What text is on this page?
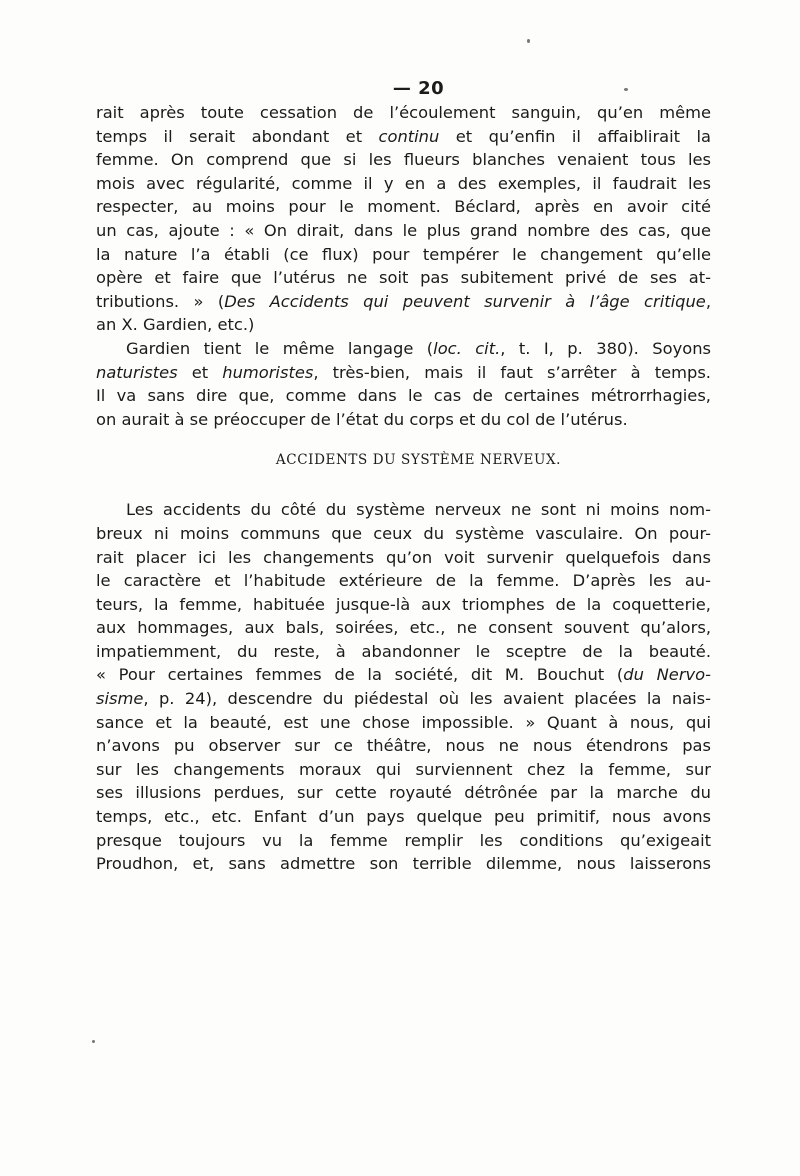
— 20
rait après toute cessation de l’écoulement sanguin, qu’en même
temps il serait abondant et continu et qu’enfin il affaiblirait la
femme. On comprend que si les flueurs blanches venaient tous les
mois avec régularité, comme il y en a des exemples, il faudrait les
respecter, au moins pour le moment. Béclard, après en avoir cité
un cas, ajoute : « On dirait, dans le plus grand nombre des cas, que
la nature l’a établi (ce flux) pour tempérer le changement qu’elle
opère et faire que l’utérus ne soit pas subitement privé de ses at-
tributions. » (Des Accidents qui peuvent survenir à l’âge critique,
an X. Gardien, etc.)
Gardien tient le même langage (loc. cit., t. I, p. 380). Soyons
naturistes et humoristes, très-bien, mais il faut s’arrêter à temps.
Il va sans dire que, comme dans le cas de certaines métrorrhagies,
on aurait à se préoccuper de l’état du corps et du col de l’utérus.
ACCIDENTS DU SYSTÈME NERVEUX.
Les accidents du côté du système nerveux ne sont ni moins nom-
breux ni moins communs que ceux du système vasculaire. On pour-
rait placer ici les changements qu’on voit survenir quelquefois dans
le caractère et l’habitude extérieure de la femme. D’après les au-
teurs, la femme, habituée jusque-là aux triomphes de la coquetterie,
aux hommages, aux bals, soirées, etc., ne consent souvent qu’alors,
impatiemment, du reste, à abandonner le sceptre de la beauté.
« Pour certaines femmes de la société, dit M. Bouchut (du Nervo-
sisme, p. 24), descendre du piédestal où les avaient placées la nais-
sance et la beauté, est une chose impossible. » Quant à nous, qui
n’avons pu observer sur ce théâtre, nous ne nous étendrons pas
sur les changements moraux qui surviennent chez la femme, sur
ses illusions perdues, sur cette royauté détrônée par la marche du
temps, etc., etc. Enfant d’un pays quelque peu primitif, nous avons
presque toujours vu la femme remplir les conditions qu’exigeait
Proudhon, et, sans admettre son terrible dilemme, nous laisserons
